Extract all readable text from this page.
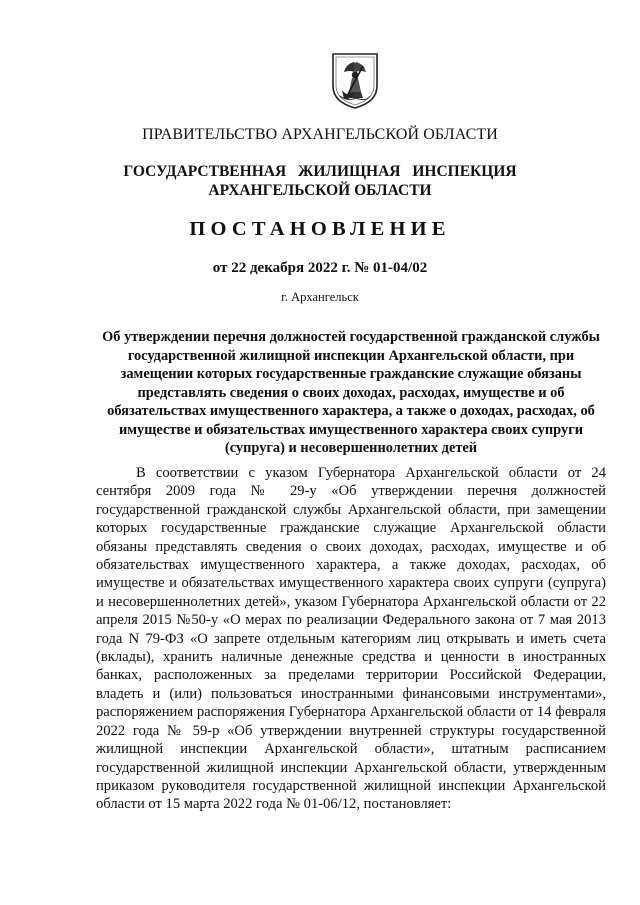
ПРАВИТЕЛЬСТВО АРХАНГЕЛЬСКОЙ ОБЛАСТИ
ГОСУДАРСТВЕННАЯ ЖИЛИЩНАЯ ИНСПЕКЦИЯ
АРХАНГЕЛЬСКОЙ ОБЛАСТИ
ПОСТАНОВЛЕНИЕ
от 22 декабря 2022 г. № 01-04/02
г. Архангельск
Об утверждении перечня должностей государственной гражданской службы государственной жилищной инспекции Архангельской области, при замещении которых государственные гражданские служащие обязаны представлять сведения о своих доходах, расходах, имуществе и об обязательствах имущественного характера, а также о доходах, расходах, об имуществе и обязательствах имущественного характера своих супруги (супруга) и несовершеннолетних детей
В соответствии с указом Губернатора Архангельской области от 24 сентября 2009 года № 29-у «Об утверждении перечня должностей государственной гражданской службы Архангельской области, при замещении которых государственные гражданские служащие Архангельской области обязаны представлять сведения о своих доходах, расходах, имуществе и об обязательствах имущественного характера, а также доходах, расходах, об имуществе и обязательствах имущественного характера своих супруги (супруга) и несовершеннолетних детей», указом Губернатора Архангельской области от 22 апреля 2015 №50-у «О мерах по реализации Федерального закона от 7 мая 2013 года N 79-ФЗ «О запрете отдельным категориям лиц открывать и иметь счета (вклады), хранить наличные денежные средства и ценности в иностранных банках, расположенных за пределами территории Российской Федерации, владеть и (или) пользоваться иностранными финансовыми инструментами», распоряжением распоряжения Губернатора Архангельской области от 14 февраля 2022 года № 59-р «Об утверждении внутренней структуры государственной жилищной инспекции Архангельской области», штатным расписанием государственной жилищной инспекции Архангельской области, утвержденным приказом руководителя государственной жилищной инспекции Архангельской области от 15 марта 2022 года № 01-06/12, постановляет:
